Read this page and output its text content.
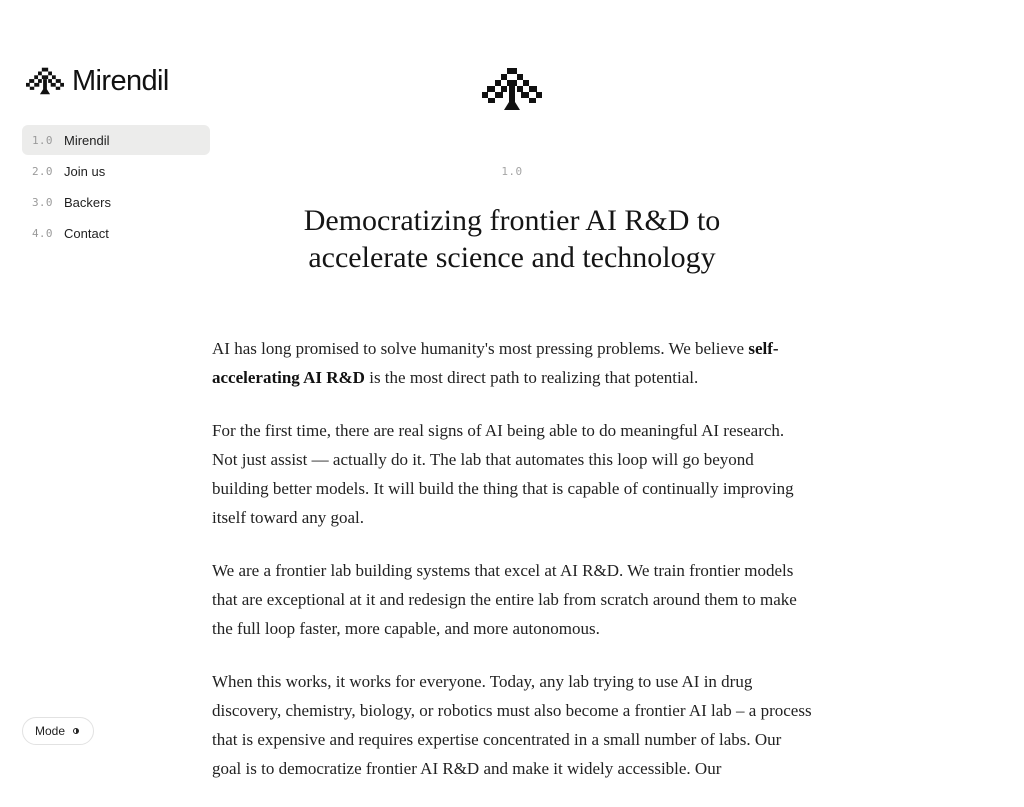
Mirendil
1.0 Mirendil
2.0 Join us
3.0 Backers
4.0 Contact
Mode
1.0
Democratizing frontier AI R&D to
accelerate science and technology

AI has long promised to solve humanity's most pressing problems. We believe self-accelerating AI R&D is the most direct path to realizing that potential.

For the first time, there are real signs of AI being able to do meaningful AI research. Not just assist — actually do it. The lab that automates this loop will go beyond building better models. It will build the thing that is capable of continually improving itself toward any goal.

We are a frontier lab building systems that excel at AI R&D. We train frontier models that are exceptional at it and redesign the entire lab from scratch around them to make the full loop faster, more capable, and more autonomous.

When this works, it works for everyone. Today, any lab trying to use AI in drug discovery, chemistry, biology, or robotics must also become a frontier AI lab – a process that is expensive and requires expertise concentrated in a small number of labs. Our goal is to democratize frontier AI R&D and make it widely accessible. Our
